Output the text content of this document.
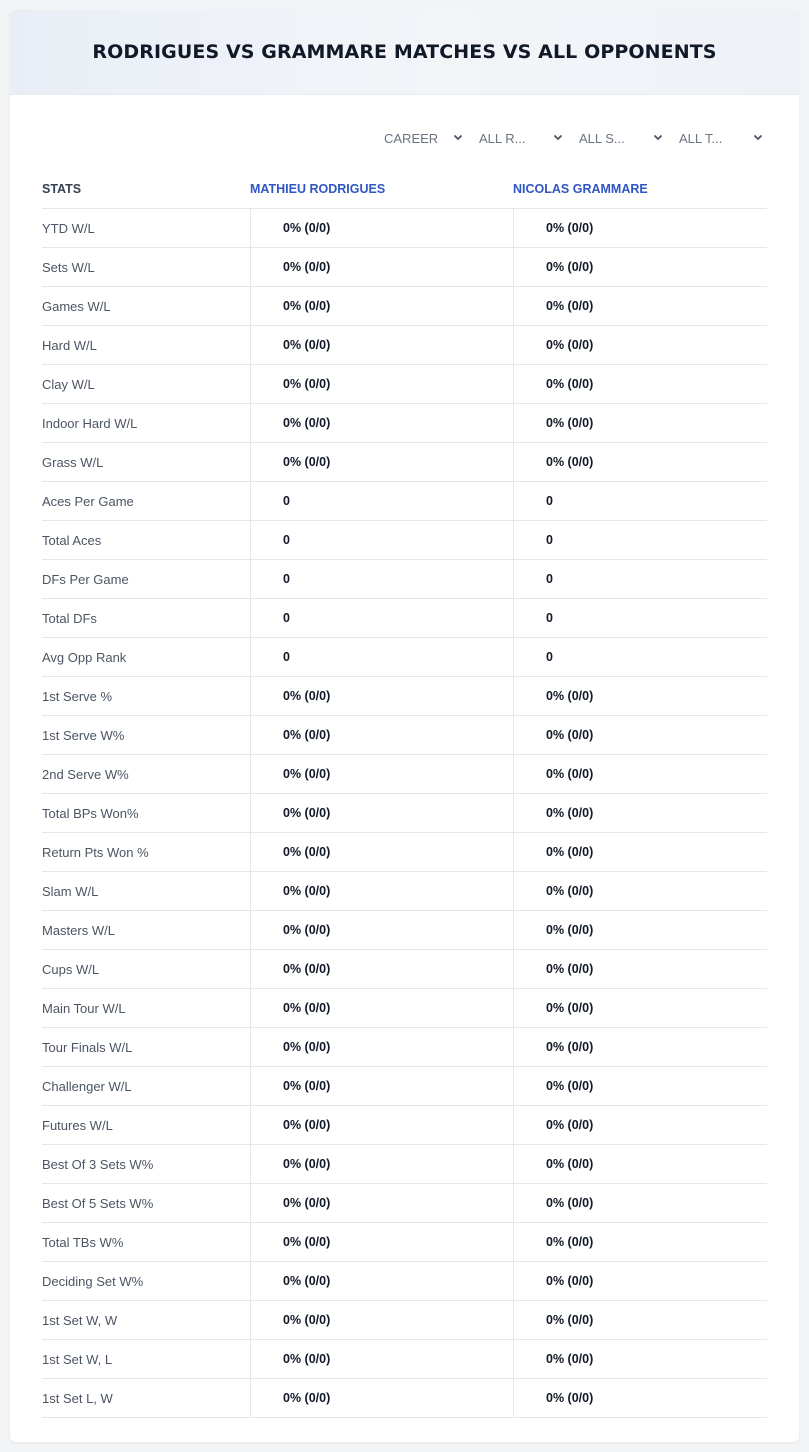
RODRIGUES VS GRAMMARE MATCHES VS ALL OPPONENTS
CAREER	ALL R...	ALL S...	ALL T...
STATS	MATHIEU RODRIGUES	NICOLAS GRAMMARE
YTD W/L	0% (0/0)	0% (0/0)
Sets W/L	0% (0/0)	0% (0/0)
Games W/L	0% (0/0)	0% (0/0)
Hard W/L	0% (0/0)	0% (0/0)
Clay W/L	0% (0/0)	0% (0/0)
Indoor Hard W/L	0% (0/0)	0% (0/0)
Grass W/L	0% (0/0)	0% (0/0)
Aces Per Game	0	0
Total Aces	0	0
DFs Per Game	0	0
Total DFs	0	0
Avg Opp Rank	0	0
1st Serve %	0% (0/0)	0% (0/0)
1st Serve W%	0% (0/0)	0% (0/0)
2nd Serve W%	0% (0/0)	0% (0/0)
Total BPs Won%	0% (0/0)	0% (0/0)
Return Pts Won %	0% (0/0)	0% (0/0)
Slam W/L	0% (0/0)	0% (0/0)
Masters W/L	0% (0/0)	0% (0/0)
Cups W/L	0% (0/0)	0% (0/0)
Main Tour W/L	0% (0/0)	0% (0/0)
Tour Finals W/L	0% (0/0)	0% (0/0)
Challenger W/L	0% (0/0)	0% (0/0)
Futures W/L	0% (0/0)	0% (0/0)
Best Of 3 Sets W%	0% (0/0)	0% (0/0)
Best Of 5 Sets W%	0% (0/0)	0% (0/0)
Total TBs W%	0% (0/0)	0% (0/0)
Deciding Set W%	0% (0/0)	0% (0/0)
1st Set W, W	0% (0/0)	0% (0/0)
1st Set W, L	0% (0/0)	0% (0/0)
1st Set L, W	0% (0/0)	0% (0/0)
